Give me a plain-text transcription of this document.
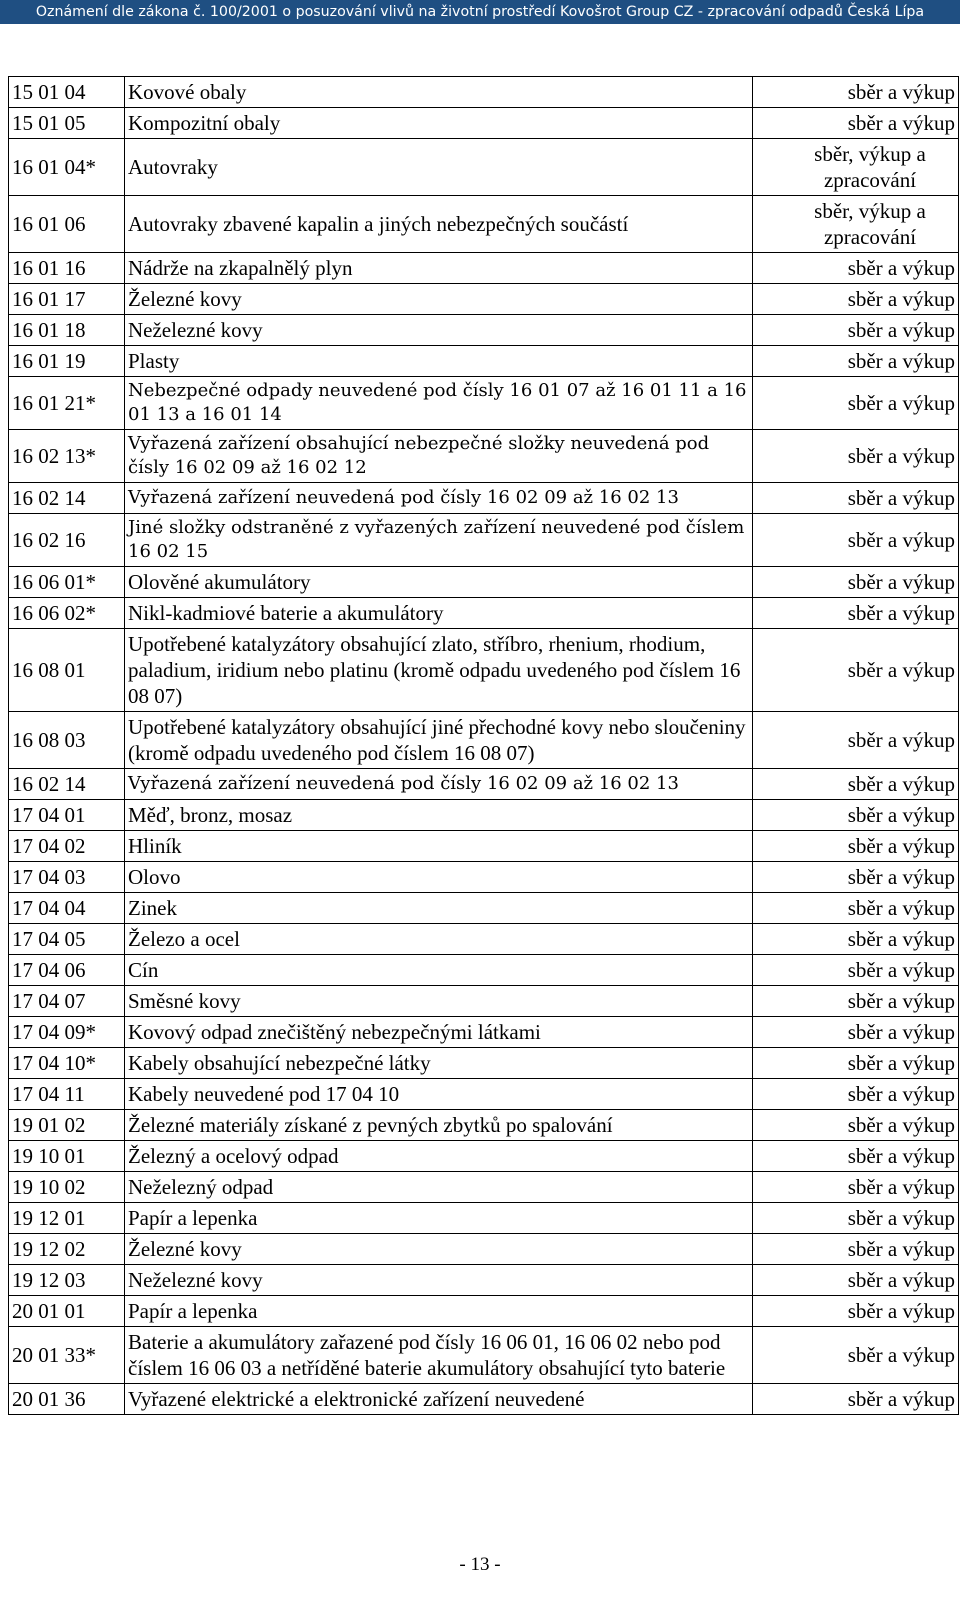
Oznámení dle zákona č. 100/2001 o posuzování vlivů na životní prostředí Kovošrot Group CZ - zpracování odpadů Česká Lípa
15 01 04	Kovové obaly	sběr a výkup
15 01 05	Kompozitní obaly	sběr a výkup
16 01 04*	Autovraky	sběr, výkup a zpracování
16 01 06	Autovraky zbavené kapalin a jiných nebezpečných součástí	sběr, výkup a zpracování
16 01 16	Nádrže na zkapalnělý plyn	sběr a výkup
16 01 17	Železné kovy	sběr a výkup
16 01 18	Neželezné kovy	sběr a výkup
16 01 19	Plasty	sběr a výkup
16 01 21*	Nebezpečné odpady neuvedené pod čísly 16 01 07 až 16 01 11 a 16 01 13 a 16 01 14	sběr a výkup
16 02 13*	Vyřazená zařízení obsahující nebezpečné složky neuvedená pod čísly 16 02 09 až 16 02 12	sběr a výkup
16 02 14	Vyřazená zařízení neuvedená pod čísly 16 02 09 až 16 02 13	sběr a výkup
16 02 16	Jiné složky odstraněné z vyřazených zařízení neuvedené pod číslem 16 02 15	sběr a výkup
16 06 01*	Olověné akumulátory	sběr a výkup
16 06 02*	Nikl-kadmiové baterie a akumulátory	sběr a výkup
16 08 01	Upotřebené katalyzátory obsahující zlato, stříbro, rhenium, rhodium, paladium, iridium nebo platinu (kromě odpadu uvedeného pod číslem 16 08 07)	sběr a výkup
16 08 03	Upotřebené katalyzátory obsahující jiné přechodné kovy nebo sloučeniny (kromě odpadu uvedeného pod číslem 16 08 07)	sběr a výkup
16 02 14	Vyřazená zařízení neuvedená pod čísly 16 02 09 až 16 02 13	sběr a výkup
17 04 01	Měď, bronz, mosaz	sběr a výkup
17 04 02	Hliník	sběr a výkup
17 04 03	Olovo	sběr a výkup
17 04 04	Zinek	sběr a výkup
17 04 05	Železo a ocel	sběr a výkup
17 04 06	Cín	sběr a výkup
17 04 07	Směsné kovy	sběr a výkup
17 04 09*	Kovový odpad znečištěný nebezpečnými látkami	sběr a výkup
17 04 10*	Kabely obsahující nebezpečné látky	sběr a výkup
17 04 11	Kabely neuvedené pod 17 04 10	sběr a výkup
19 01 02	Železné materiály získané z pevných zbytků po spalování	sběr a výkup
19 10 01	Železný a ocelový odpad	sběr a výkup
19 10 02	Neželezný odpad	sběr a výkup
19 12 01	Papír a lepenka	sběr a výkup
19 12 02	Železné kovy	sběr a výkup
19 12 03	Neželezné kovy	sběr a výkup
20 01 01	Papír a lepenka	sběr a výkup
20 01 33*	Baterie a akumulátory zařazené pod čísly 16 06 01, 16 06 02 nebo pod číslem 16 06 03 a netříděné baterie akumulátory obsahující tyto baterie	sběr a výkup
20 01 36	Vyřazené elektrické a elektronické zařízení neuvedené	sběr a výkup
- 13 -
